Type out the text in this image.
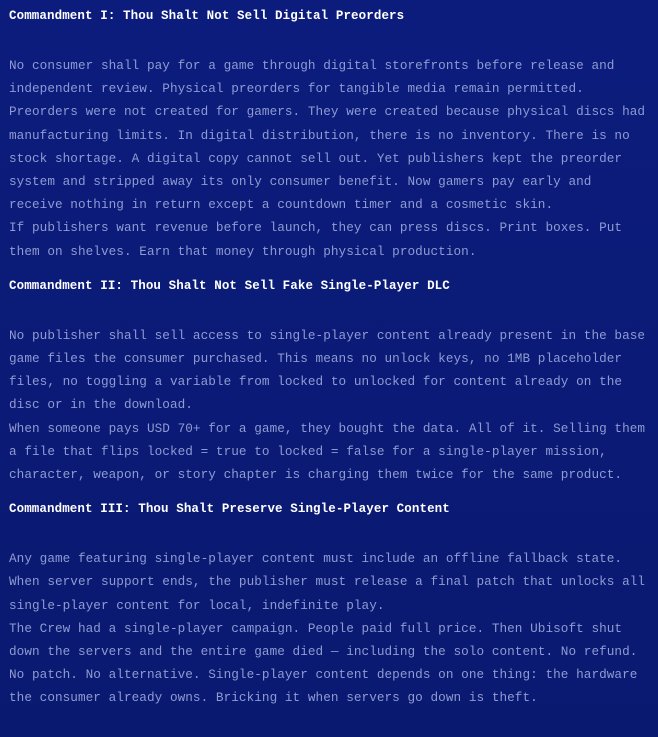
Commandment I: Thou Shalt Not Sell Digital Preorders

No consumer shall pay for a game through digital storefronts before release and independent review. Physical preorders for tangible media remain permitted.

Preorders were not created for gamers. They were created because physical discs had manufacturing limits. In digital distribution, there is no inventory. There is no stock shortage. A digital copy cannot sell out. Yet publishers kept the preorder system and stripped away its only consumer benefit. Now gamers pay early and receive nothing in return except a countdown timer and a cosmetic skin.

If publishers want revenue before launch, they can press discs. Print boxes. Put them on shelves. Earn that money through physical production.

Commandment II: Thou Shalt Not Sell Fake Single-Player DLC

No publisher shall sell access to single-player content already present in the base game files the consumer purchased. This means no unlock keys, no 1MB placeholder files, no toggling a variable from locked to unlocked for content already on the disc or in the download.

When someone pays USD 70+ for a game, they bought the data. All of it. Selling them a file that flips locked = true to locked = false for a single-player mission, character, weapon, or story chapter is charging them twice for the same product.

Commandment III: Thou Shalt Preserve Single-Player Content

Any game featuring single-player content must include an offline fallback state. When server support ends, the publisher must release a final patch that unlocks all single-player content for local, indefinite play.

The Crew had a single-player campaign. People paid full price. Then Ubisoft shut down the servers and the entire game died — including the solo content. No refund. No patch. No alternative. Single-player content depends on one thing: the hardware the consumer already owns. Bricking it when servers go down is theft.
